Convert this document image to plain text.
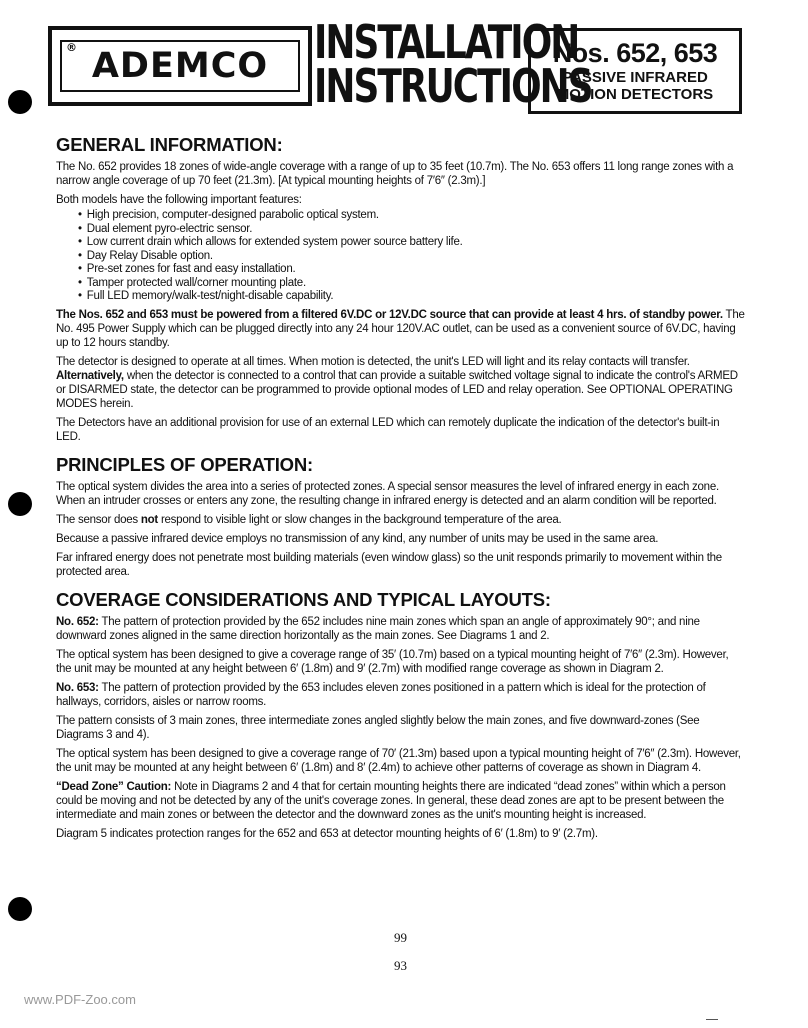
® ADEMCO INSTALLATION
INSTRUCTIONS
Nos. 652, 653
PASSIVE INFRARED
MOTION DETECTORS
GENERAL INFORMATION:

The No. 652 provides 18 zones of wide-angle coverage with a range of up to 35 feet (10.7m). The No. 653 offers 11 long range zones with a narrow angle coverage of up 70 feet (21.3m). [At typical mounting heights of 7′6″ (2.3m).]

Both models have the following important features:

• High precision, computer-designed parabolic optical system.
• Dual element pyro-electric sensor.
• Low current drain which allows for extended system power source battery life.
• Day Relay Disable option.
• Pre-set zones for fast and easy installation.
• Tamper protected wall/corner mounting plate.
• Full LED memory/walk-test/night-disable capability.

The Nos. 652 and 653 must be powered from a filtered 6V.DC or 12V.DC source that can provide at least 4 hrs. of standby power. The No. 495 Power Supply which can be plugged directly into any 24 hour 120V.AC outlet, can be used as a convenient source of 6V.DC, having up to 12 hours standby.

The detector is designed to operate at all times. When motion is detected, the unit's LED will light and its relay contacts will transfer. Alternatively, when the detector is connected to a control that can provide a suitable switched voltage signal to indicate the control's ARMED or DISARMED state, the detector can be programmed to provide optional modes of LED and relay operation. See OPTIONAL OPERATING MODES herein.

The Detectors have an additional provision for use of an external LED which can remotely duplicate the indication of the detector's built-in LED.

PRINCIPLES OF OPERATION:

The optical system divides the area into a series of protected zones. A special sensor measures the level of infrared energy in each zone. When an intruder crosses or enters any zone, the resulting change in infrared energy is detected and an alarm condition will be reported.

The sensor does not respond to visible light or slow changes in the background temperature of the area.

Because a passive infrared device employs no transmission of any kind, any number of units may be used in the same area.

Far infrared energy does not penetrate most building materials (even window glass) so the unit responds primarily to movement within the protected area.

COVERAGE CONSIDERATIONS AND TYPICAL LAYOUTS:

No. 652: The pattern of protection provided by the 652 includes nine main zones which span an angle of approximately 90°; and nine downward zones aligned in the same direction horizontally as the main zones. See Diagrams 1 and 2.

The optical system has been designed to give a coverage range of 35′ (10.7m) based on a typical mounting height of 7′6″ (2.3m). However, the unit may be mounted at any height between 6′ (1.8m) and 9′ (2.7m) with modified range coverage as shown in Diagram 2.

No. 653: The pattern of protection provided by the 653 includes eleven zones positioned in a pattern which is ideal for the protection of hallways, corridors, aisles or narrow rooms.

The pattern consists of 3 main zones, three intermediate zones angled slightly below the main zones, and five downward-zones (See Diagrams 3 and 4).

The optical system has been designed to give a coverage range of 70′ (21.3m) based upon a typical mounting height of 7′6″ (2.3m). However, the unit may be mounted at any height between 6′ (1.8m) and 8′ (2.4m) to achieve other patterns of coverage as shown in Diagram 4.

“Dead Zone” Caution: Note in Diagrams 2 and 4 that for certain mounting heights there are indicated “dead zones” within which a person could be moving and not be detected by any of the unit's coverage zones. In general, these dead zones are apt to be present between the intermediate and main zones or between the detector and the downward zones as the unit's mounting height is increased.

Diagram 5 indicates protection ranges for the 652 and 653 at detector mounting heights of 6′ (1.8m) to 9′ (2.7m).

99
93
www.PDF-Zoo.com
